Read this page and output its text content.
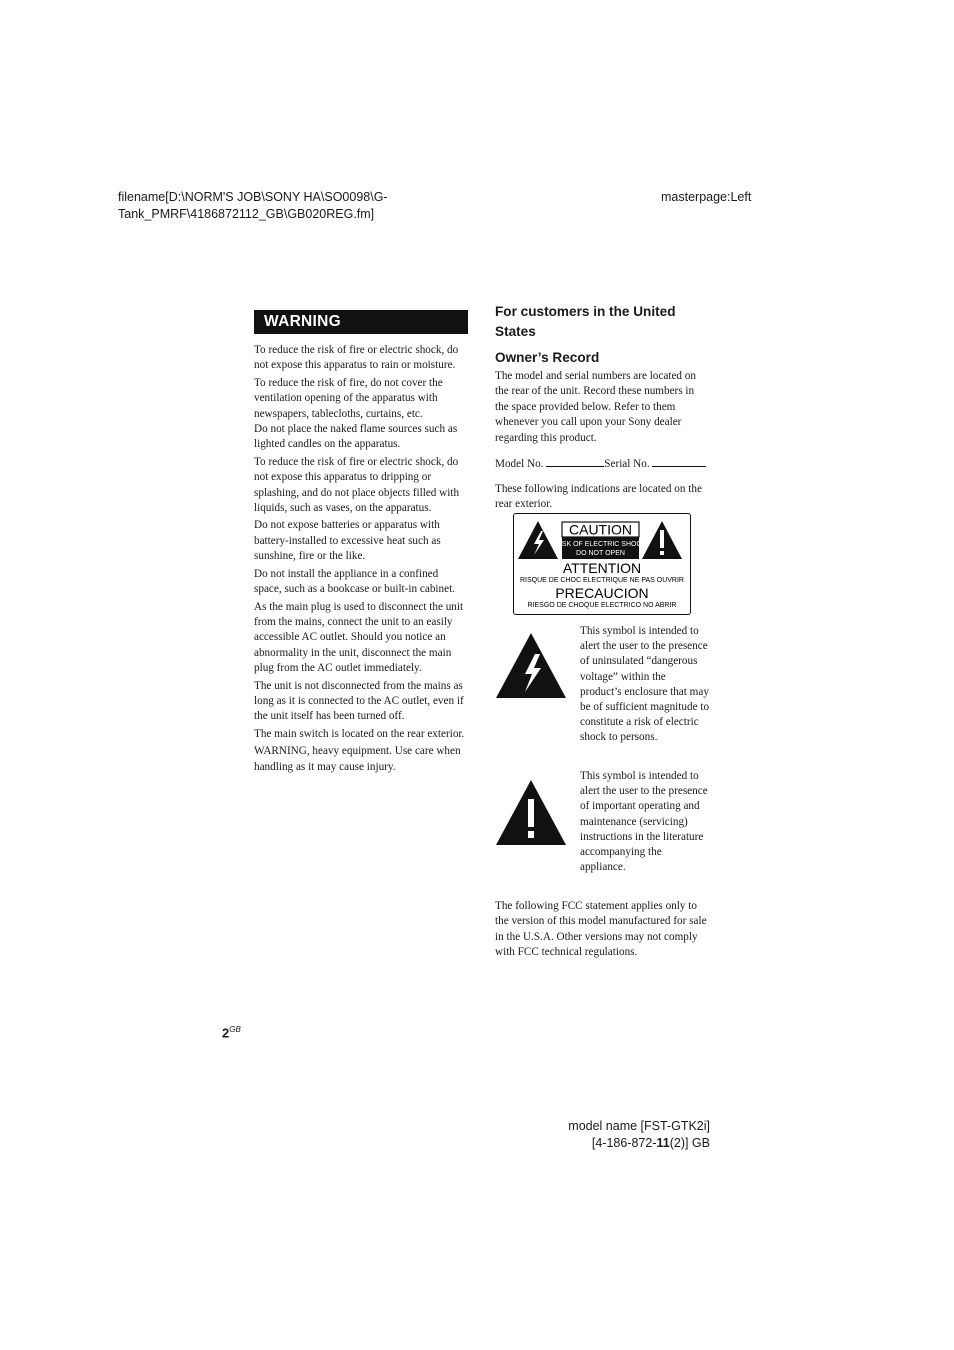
filename[D:\NORM'S JOB\SONY HA\SO0098\G-Tank_PMRF\4186872112_GB\GB020REG.fm]
masterpage:Left
WARNING

To reduce the risk of fire or electric shock, do not expose this apparatus to rain or moisture.

To reduce the risk of fire, do not cover the ventilation opening of the apparatus with newspapers, tablecloths, curtains, etc.

Do not place the naked flame sources such as lighted candles on the apparatus.

To reduce the risk of fire or electric shock, do not expose this apparatus to dripping or splashing, and do not place objects filled with liquids, such as vases, on the apparatus.

Do not expose batteries or apparatus with battery-installed to excessive heat such as sunshine, fire or the like.

Do not install the appliance in a confined space, such as a bookcase or built-in cabinet.

As the main plug is used to disconnect the unit from the mains, connect the unit to an easily accessible AC outlet. Should you notice an abnormality in the unit, disconnect the main plug from the AC outlet immediately.

The unit is not disconnected from the mains as long as it is connected to the AC outlet, even if the unit itself has been turned off.

The main switch is located on the rear exterior.

WARNING, heavy equipment. Use care when handling as it may cause injury.

For customers in the United States
Owner’s Record

The model and serial numbers are located on the rear of the unit. Record these numbers in the space provided below. Refer to them whenever you call upon your Sony dealer regarding this product.

Model No.	Serial No.

These following indications are located on the rear exterior.

CAUTION
RISK OF ELECTRIC SHOCK
DO NOT OPEN
ATTENTION
RISQUE DE CHOC ELECTRIQUE NE PAS OUVRIR
PRECAUCION
RIESGO DE CHOQUE ELECTRICO NO ABRIR
This symbol is intended to alert the user to the presence of uninsulated “dangerous voltage” within the product’s enclosure that may be of sufficient magnitude to constitute a risk of electric shock to persons.
This symbol is intended to alert the user to the presence of important operating and maintenance (servicing) instructions in the literature accompanying the appliance.

The following FCC statement applies only to the version of this model manufactured for sale in the U.S.A. Other versions may not comply with FCC technical regulations.

$2^{GB}$
model name [FST-GTK2i]
[4-186-872-11(2)] GB
